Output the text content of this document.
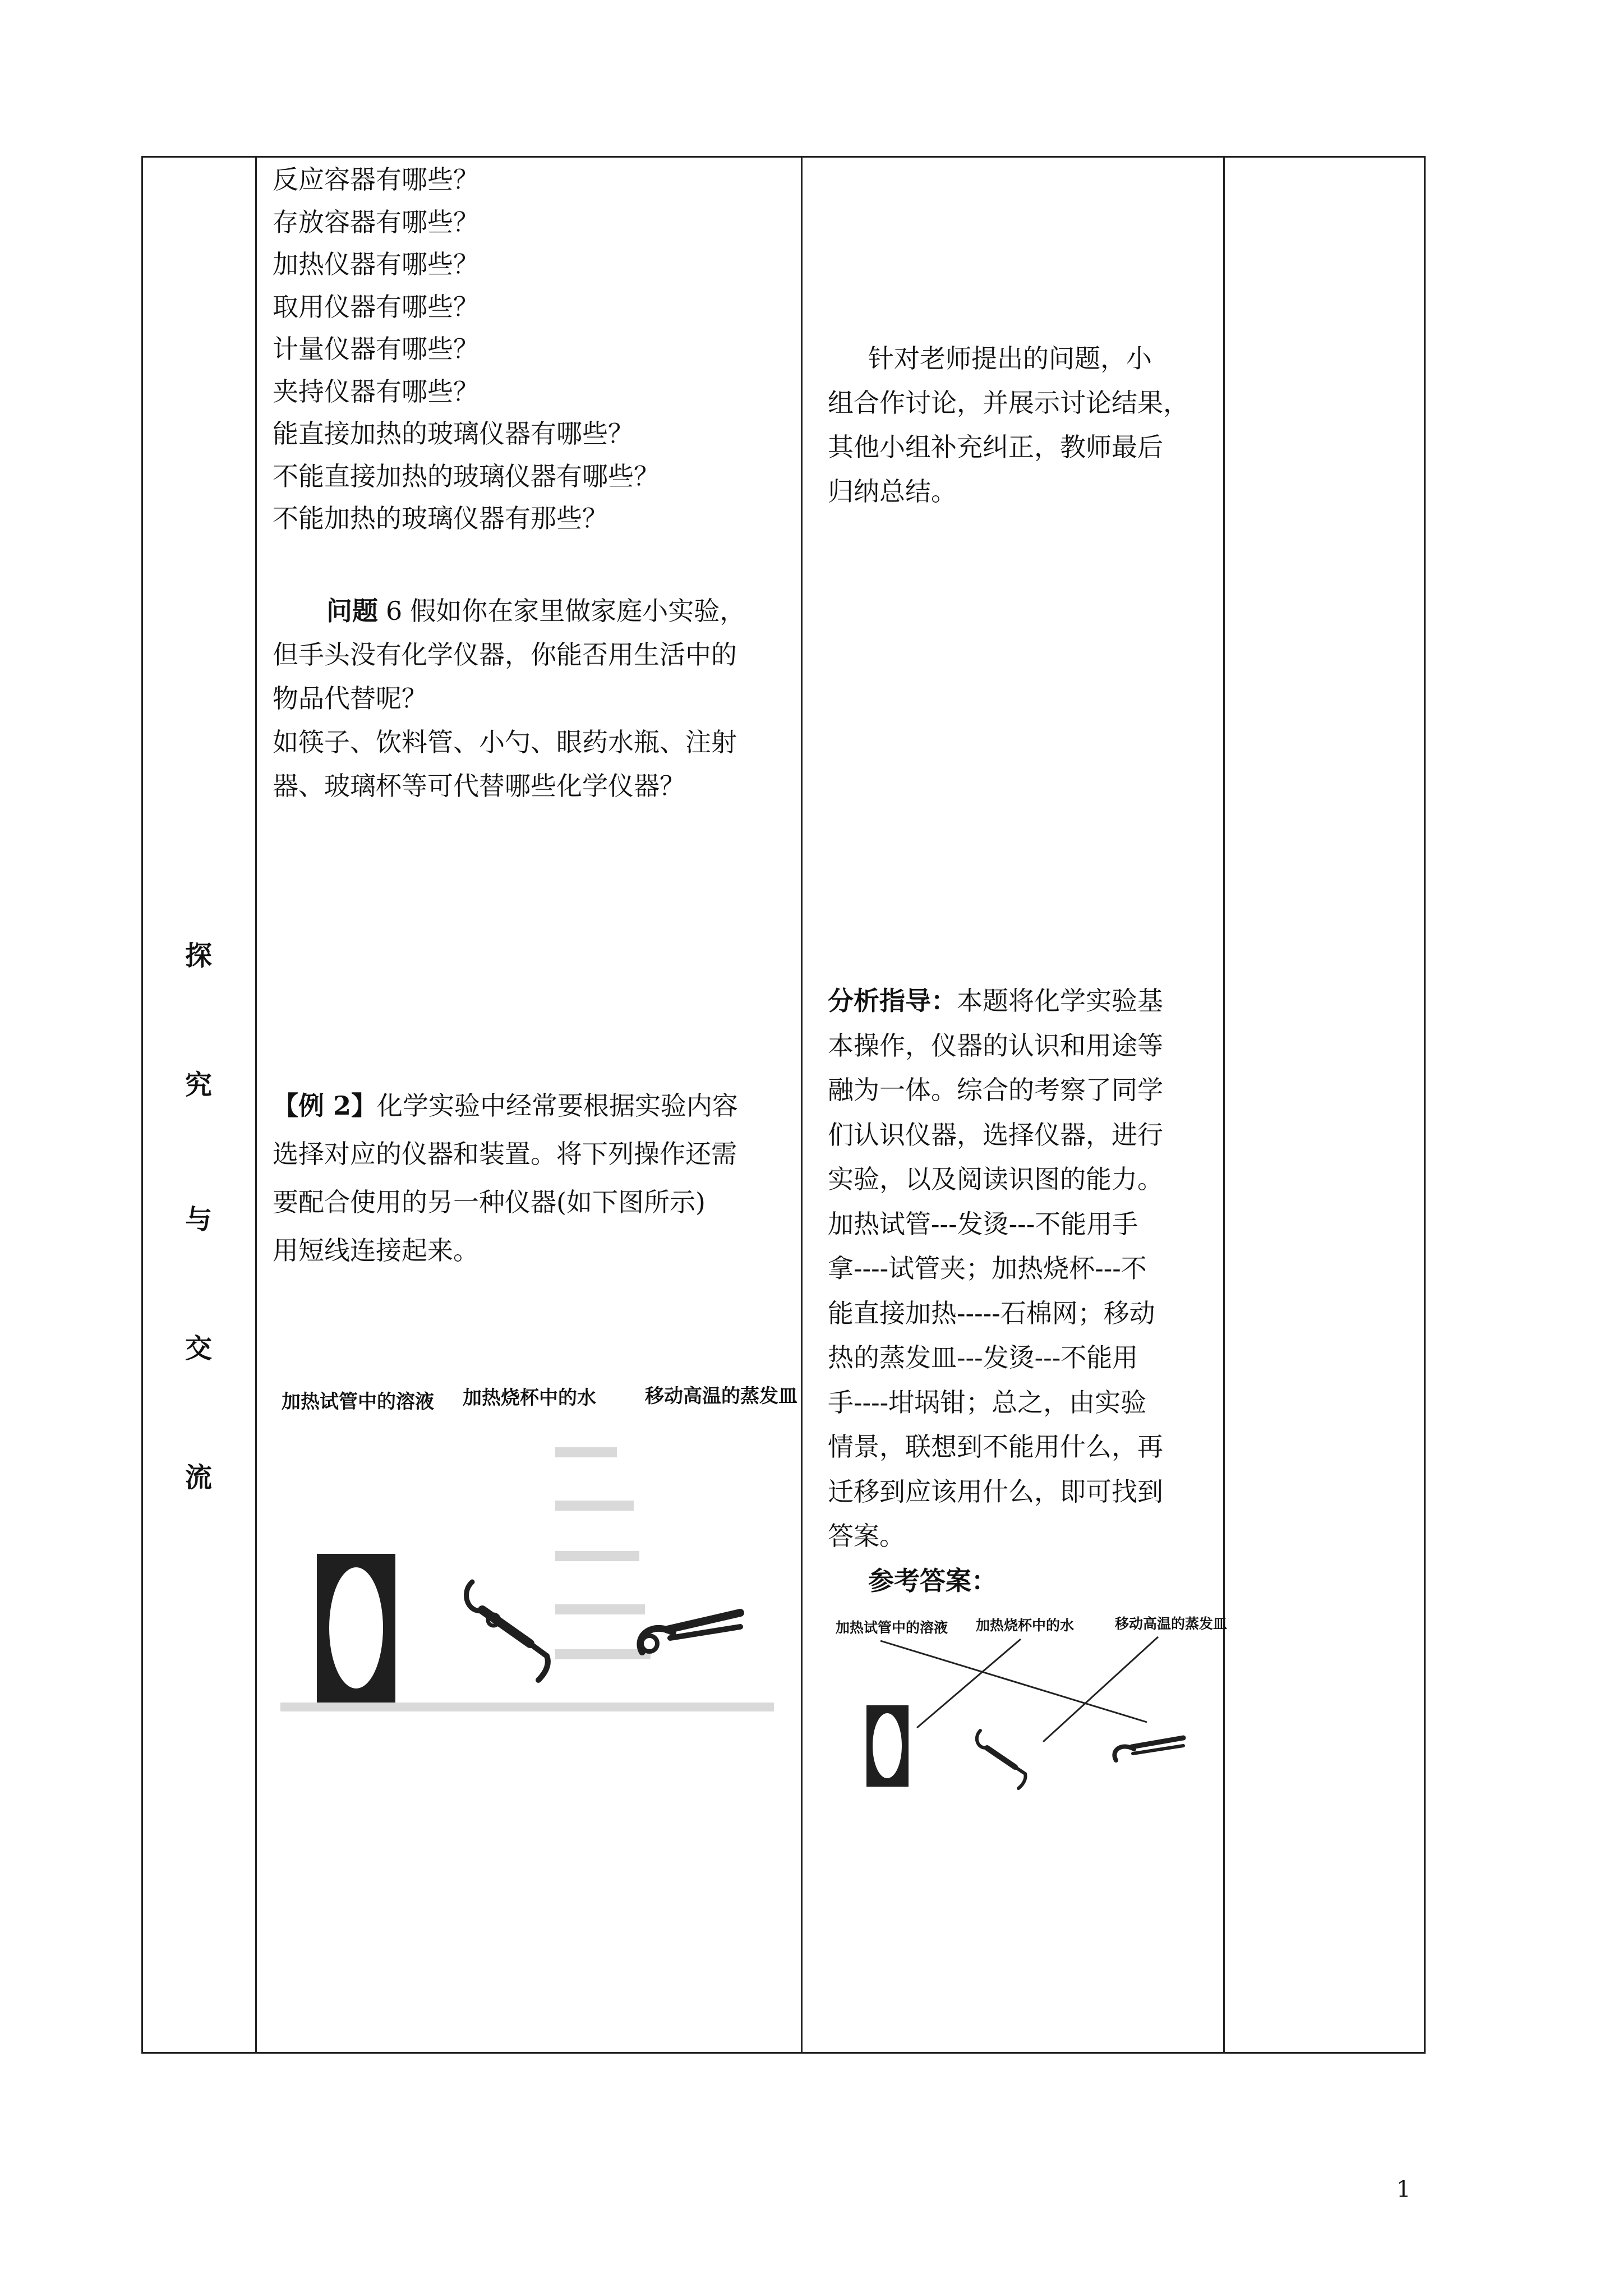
探
究
与
交
流

反应容器有哪些？

存放容器有哪些？

加热仪器有哪些？

取用仪器有哪些？

计量仪器有哪些？

夹持仪器有哪些？

能直接加热的玻璃仪器有哪些？

不能直接加热的玻璃仪器有哪些？

不能加热的玻璃仪器有那些？

问题 6 假如你在家里做家庭小实验，

但手头没有化学仪器，你能否用生活中的

物品代替呢？

如筷子、饮料管、小勺、眼药水瓶、注射

器、玻璃杯等可代替哪些化学仪器？

【例 2】化学实验中经常要根据实验内容

选择对应的仪器和装置。将下列操作还需

要配合使用的另一种仪器(如下图所示)

用短线连接起来。

加热试管中的溶液 加热烧杯中的水	移动高温的蒸发皿

针对老师提出的问题，小

组合作讨论，并展示讨论结果，

其他小组补充纠正，教师最后

归纳总结。

分析指导：本题将化学实验基

本操作，仪器的认识和用途等

融为一体。综合的考察了同学

们认识仪器，选择仪器，进行

实验，以及阅读识图的能力。

加热试管---发烫---不能用手

拿----试管夹；加热烧杯---不

能直接加热-----石棉网；移动

热的蒸发皿---发烫---不能用

手----坩埚钳；总之，由实验

情景，联想到不能用什么，再

迁移到应该用什么，即可找到

答案。

参考答案：

加热试管中的溶液 加热烧杯中的水	移动高温的蒸发皿
1
